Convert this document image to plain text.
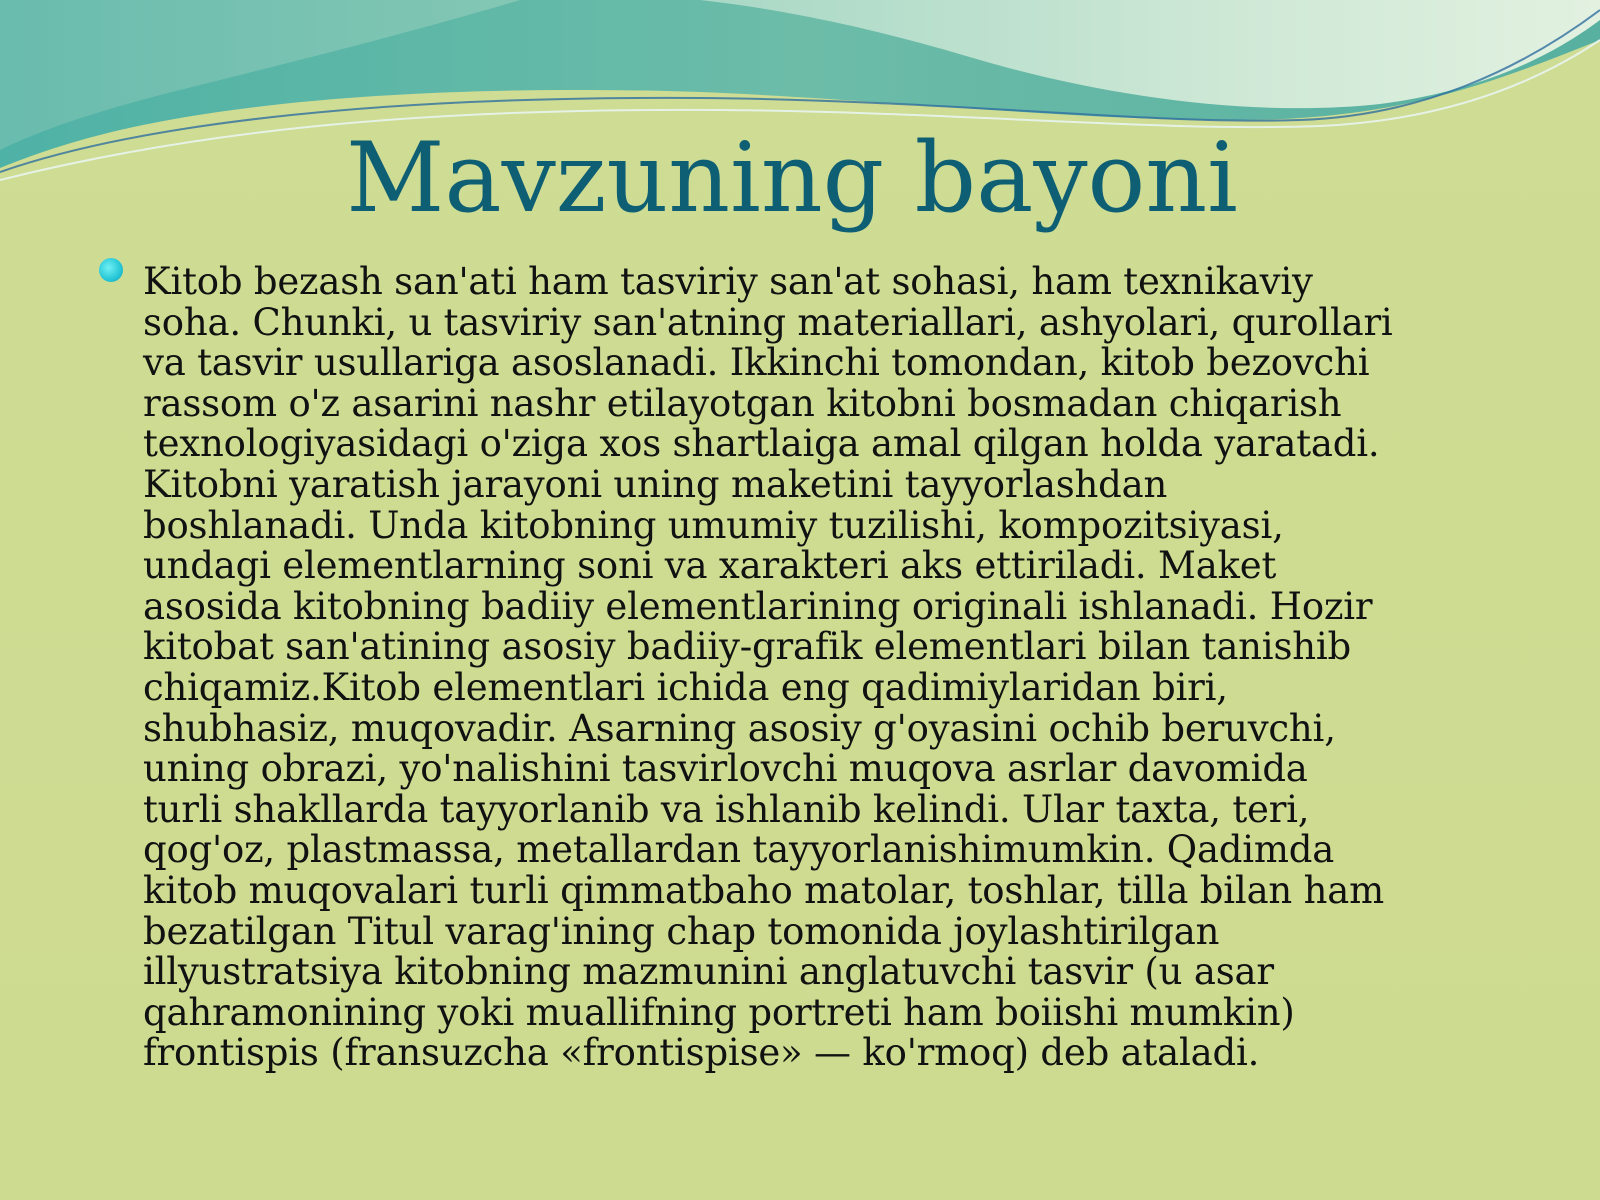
Mavzuning bayoni
Kitob bezash san'ati ham tasviriy san'at sohasi, ham texnikaviy
soha. Chunki, u tasviriy san'atning materiallari, ashyolari, qurollari
va tasvir usullariga asoslanadi. Ikkinchi tomondan, kitob bezovchi
rassom o'z asarini nashr etilayotgan kitobni bosmadan chiqarish
texnologiyasidagi o'ziga xos shartlaiga amal qilgan holda yaratadi.
Kitobni yaratish jarayoni uning maketini tayyorlashdan
boshlanadi. Unda kitobning umumiy tuzilishi, kompozitsiyasi,
undagi elementlarning soni va xarakteri aks ettiriladi. Maket
asosida kitobning badiiy elementlarining originali ishlanadi. Hozir
kitobat san'atining asosiy badiiy-grafik elementlari bilan tanishib
chiqamiz.Kitob elementlari ichida eng qadimiylaridan biri,
shubhasiz, muqovadir. Asarning asosiy g'oyasini ochib beruvchi,
uning obrazi, yo'nalishini tasvirlovchi muqova asrlar davomida
turli shakllarda tayyorlanib va ishlanib kelindi. Ular taxta, teri,
qog'oz, plastmassa, metallardan tayyorlanishimumkin. Qadimda
kitob muqovalari turli qimmatbaho matolar, toshlar, tilla bilan ham
bezatilgan Titul varag'ining chap tomonida joylashtirilgan
illyustratsiya kitobning mazmunini anglatuvchi tasvir (u asar
qahramonining yoki muallifning portreti ham boiishi mumkin)
frontispis (fransuzcha «frontispise» — ko'rmoq) deb ataladi.
